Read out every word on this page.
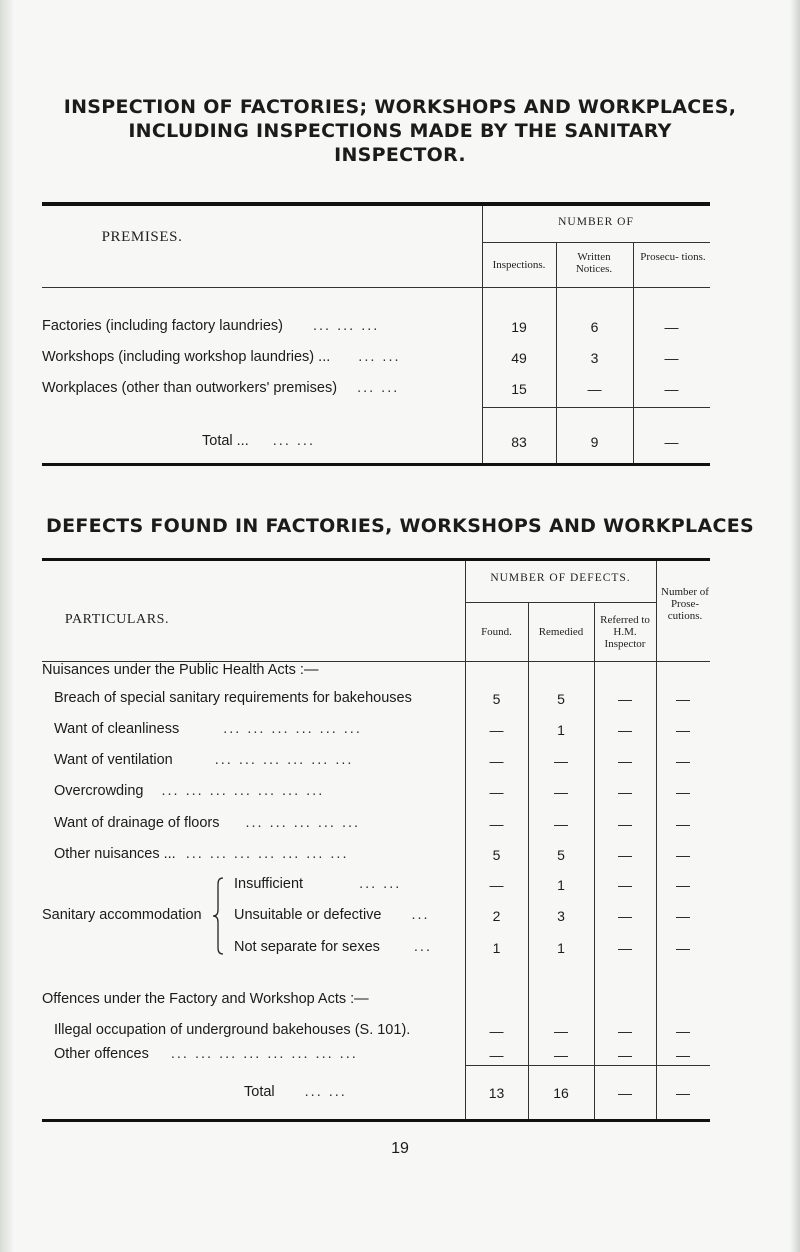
INSPECTION OF FACTORIES; WORKSHOPS AND WORKPLACES,
INCLUDING INSPECTIONS MADE BY THE SANITARY
INSPECTOR.
PREMISES.
NUMBER OF
Inspections.
Written Notices.
Prosecu- tions.
Factories (including factory laundries) ... ... ...	19	6	—
Workshops (including workshop laundries) ... ... ...	49	3	—
Workplaces (other than outworkers' premises) ... ...	15	—	—
Total ... ... ...	83	9	—
DEFECTS FOUND IN FACTORIES, WORKSHOPS AND WORKPLACES
PARTICULARS.
NUMBER OF DEFECTS.
Found.	Remedied
Referred to H.M. Inspector
Number of Prose- cutions.
Nuisances under the Public Health Acts :—
Breach of special sanitary requirements for bakehouses	5	5	—	—
Want of cleanliness	... ... ... ... ... ...	—	1	—	—
Want of ventilation	... ... ... ... ... ...	—	—	—	—
Overcrowding ... ... ... ... ... ... ...	—	—	—	—
Want of drainage of floors ... ... ... ... ...	—	—	—	—
Other nuisances ... ... ... ... ... ... ... ...	5	5	—	—
Sanitary accommodation
Insufficient	... ...	—	1	—	—
Unsuitable or defective ...	2	3	—	—
Not separate for sexes ...	1	1	—	—
Offences under the Factory and Workshop Acts :—
Illegal occupation of underground bakehouses (S. 101).	—	—	—	—
Other offences ... ... ... ... ... ... ... ...	—	—	—	—
Total ... ...	13	16	—	—
19
